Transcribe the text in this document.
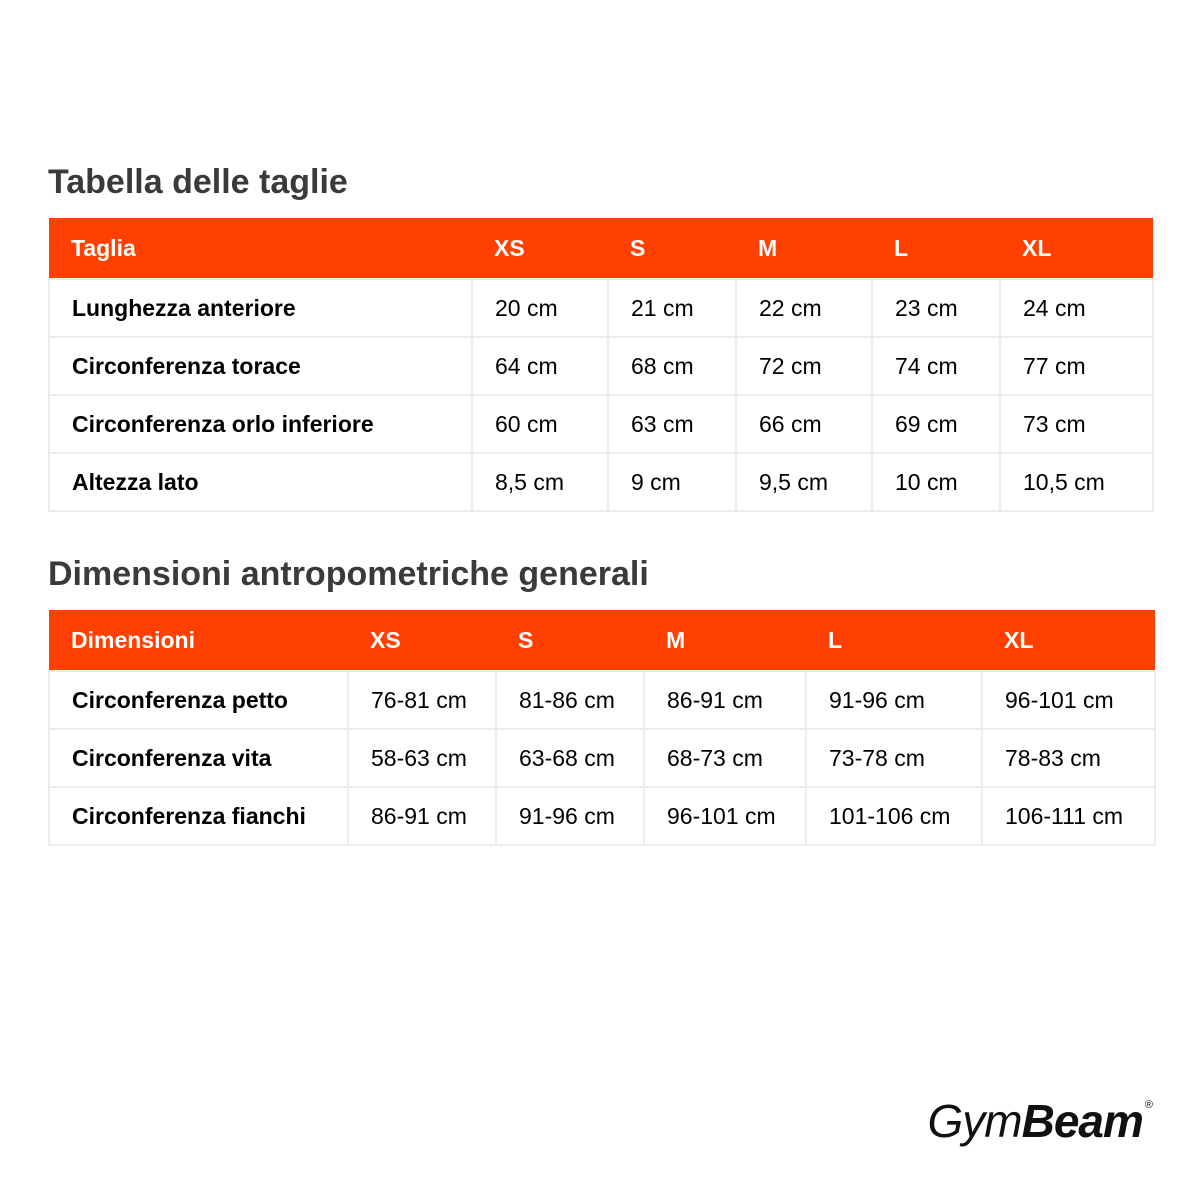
Tabella delle taglie
Taglia	XS	S	M	L	XL
Lunghezza anteriore	20 cm	21 cm	22 cm	23 cm	24 cm
Circonferenza torace	64 cm	68 cm	72 cm	74 cm	77 cm
Circonferenza orlo inferiore	60 cm	63 cm	66 cm	69 cm	73 cm
Altezza lato	8,5 cm	9 cm	9,5 cm	10 cm	10,5 cm
Dimensioni antropometriche generali
Dimensioni	XS	S	M	L	XL
Circonferenza petto	76-81 cm	81-86 cm	86-91 cm	91-96 cm	96-101 cm
Circonferenza vita	58-63 cm	63-68 cm	68-73 cm	73-78 cm	78-83 cm
Circonferenza fianchi	86-91 cm	91-96 cm	96-101 cm	101-106 cm	106-111 cm
GymBeam ®
